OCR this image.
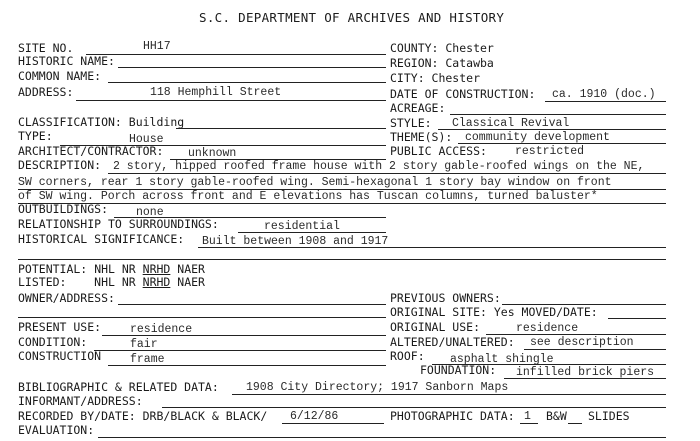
S.C. DEPARTMENT OF ARCHIVES AND HISTORY
SITE NO.	HH17
HISTORIC NAME:
COMMON NAME:
ADDRESS:	118 Hemphill Street
CLASSIFICATION: Building
TYPE:	House
ARCHITECT/CONTRACTOR: unknown
DESCRIPTION: 2 story, hipped roofed frame house with 2 story gable-roofed wings on the NE,
SW corners, rear 1 story gable-roofed wing. Semi-hexagonal 1 story bay window on front
of SW wing. Porch across front and E elevations has Tuscan columns, turned baluster*
OUTBUILDINGS: none
RELATIONSHIP TO SURROUNDINGS:	residential
HISTORICAL SIGNIFICANCE: Built between 1908 and 1917
POTENTIAL: NHL NR NRHD NAER
LISTED: NHL NR NRHD NAER
OWNER/ADDRESS:
PRESENT USE:	residence
CONDITION:	fair
CONSTRUCTION	frame
BIBLIOGRAPHIC & RELATED DATA: 1908 City Directory; 1917 Sanborn Maps
INFORMANT/ADDRESS:
RECORDED BY/DATE: DRB/BLACK & BLACK/ 6/12/86
EVALUATION:
COUNTY: Chester
REGION: Catawba
CITY: Chester
DATE OF CONSTRUCTION: ca. 1910 (doc.)
ACREAGE:
STYLE: Classical Revival
THEME(S): community development
PUBLIC ACCESS: restricted
PREVIOUS OWNERS:
ORIGINAL SITE: Yes MOVED/DATE:
ORIGINAL USE:	residence
ALTERED/UNALTERED: see description
ROOF: asphalt shingle
FOUNDATION: infilled brick piers
PHOTOGRAPHIC DATA: 1 B&W SLIDES
